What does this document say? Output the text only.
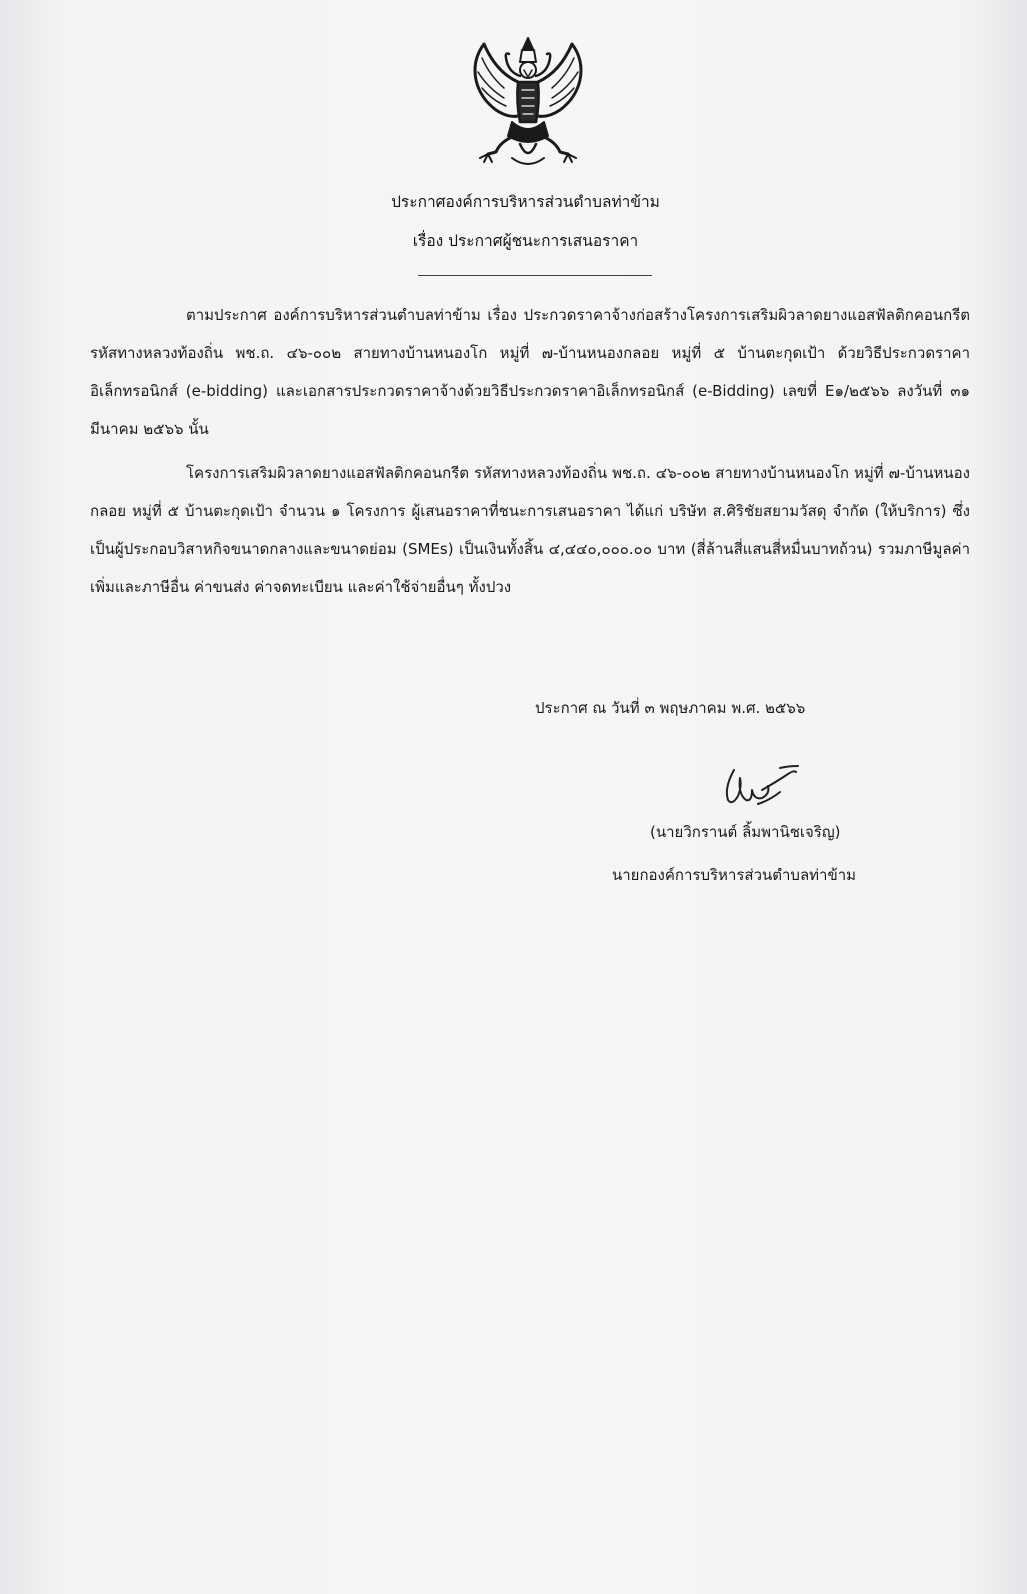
ประกาศองค์การบริหารส่วนตำบลท่าข้าม
เรื่อง ประกาศผู้ชนะการเสนอราคา
ตามประกาศ องค์การบริหารส่วนตำบลท่าข้าม เรื่อง ประกวดราคาจ้างก่อสร้างโครงการเสริมผิวลาดยางแอสฟัลติกคอนกรีต รหัสทางหลวงท้องถิ่น พช.ถ. ๔๖-๐๐๒ สายทางบ้านหนองโก หมู่ที่ ๗-บ้านหนองกลอย หมู่ที่ ๕ บ้านตะกุดเป้า ด้วยวิธีประกวดราคาอิเล็กทรอนิกส์ (e-bidding) และเอกสารประกวดราคาจ้างด้วยวิธีประกวดราคาอิเล็กทรอนิกส์ (e-Bidding) เลขที่ E๑/๒๕๖๖ ลงวันที่ ๓๑ มีนาคม ๒๕๖๖ นั้น
โครงการเสริมผิวลาดยางแอสฟัลติกคอนกรีต รหัสทางหลวงท้องถิ่น พช.ถ. ๔๖-๐๐๒ สายทางบ้านหนองโก หมู่ที่ ๗-บ้านหนองกลอย หมู่ที่ ๕ บ้านตะกุดเป้า จำนวน ๑ โครงการ ผู้เสนอราคาที่ชนะการเสนอราคา ได้แก่ บริษัท ส.ศิริชัยสยามวัสดุ จำกัด (ให้บริการ) ซึ่งเป็นผู้ประกอบวิสาหกิจขนาดกลางและขนาดย่อม (SMEs) เป็นเงินทั้งสิ้น ๔,๔๔๐,๐๐๐.๐๐ บาท (สี่ล้านสี่แสนสี่หมื่นบาทถ้วน) รวมภาษีมูลค่าเพิ่มและภาษีอื่น ค่าขนส่ง ค่าจดทะเบียน และค่าใช้จ่ายอื่นๆ ทั้งปวง
ประกาศ ณ วันที่ ๓ พฤษภาคม พ.ศ. ๒๕๖๖
(นายวิกรานต์ ลิ้มพานิชเจริญ)
นายกองค์การบริหารส่วนตำบลท่าข้าม
